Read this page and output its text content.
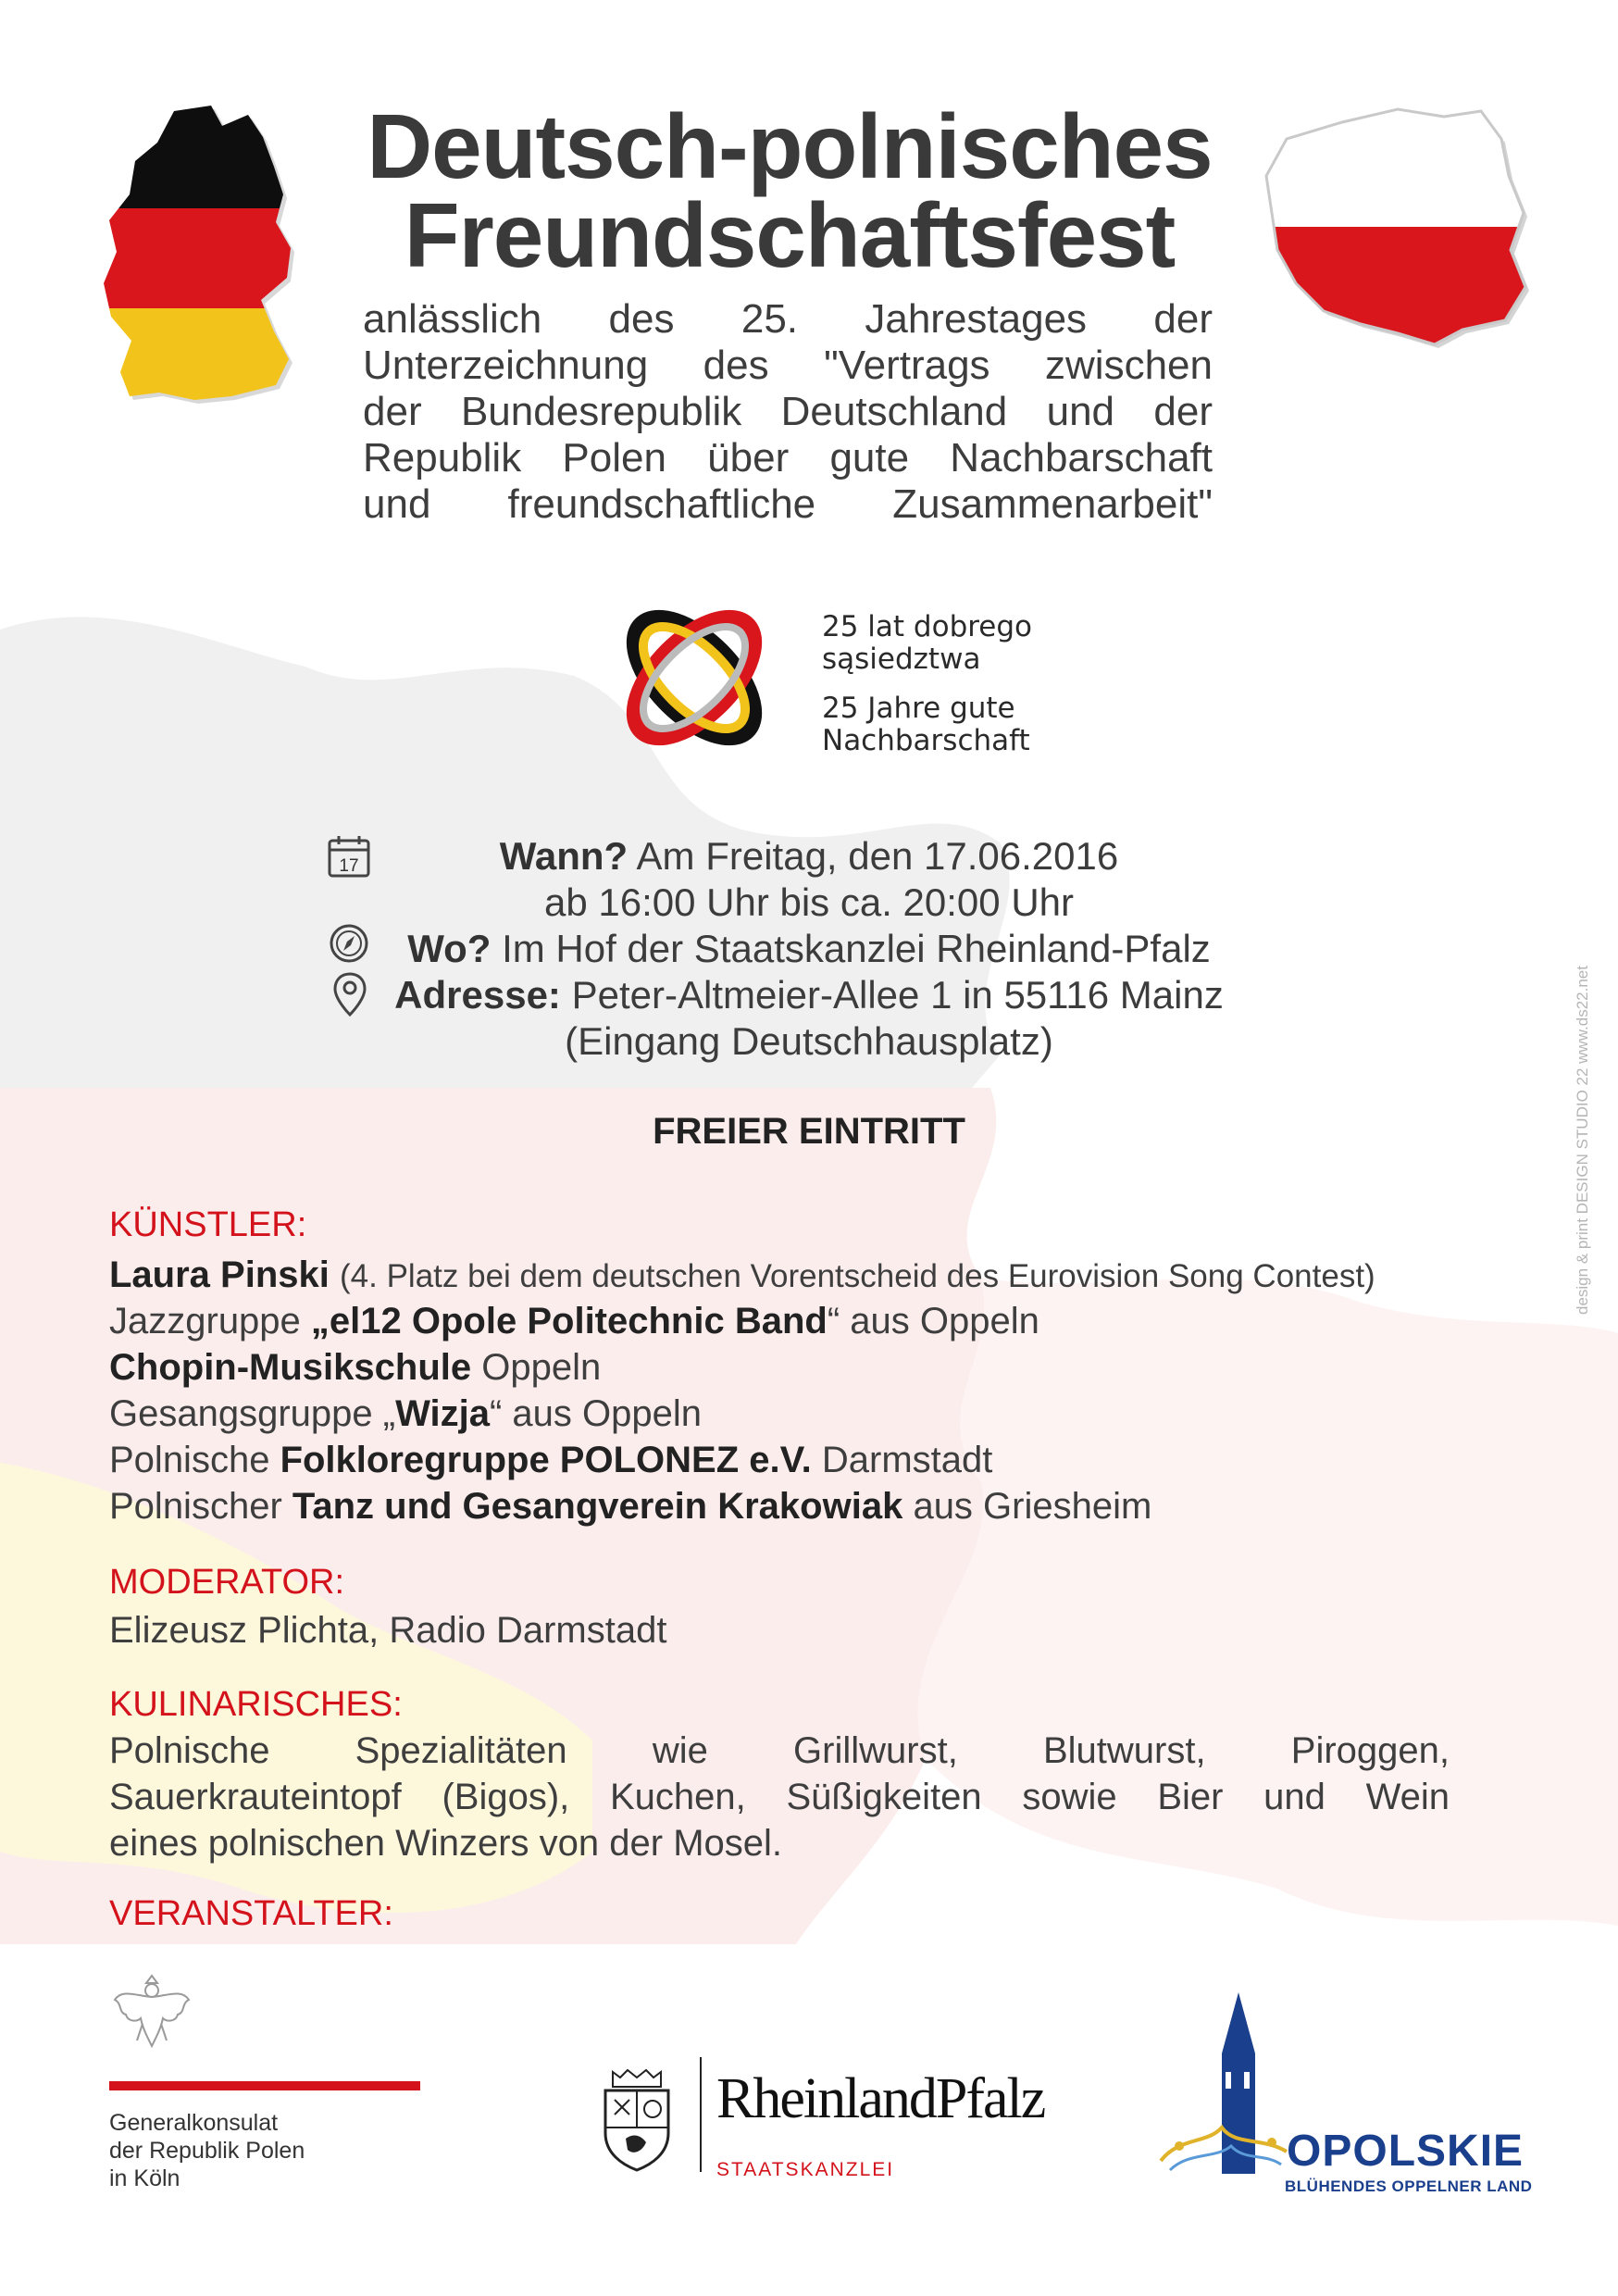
Deutsch-polnisches
Freundschaftsfest
anlässlich des 25. Jahrestages der
Unterzeichnung des "Vertrags zwischen
der Bundesrepublik Deutschland und der
Republik Polen über gute Nachbarschaft
und freundschaftliche Zusammenarbeit"
25 lat dobrego
sąsiedztwa
25 Jahre gute
Nachbarschaft
17	Wann? Am Freitag, den 17.06.2016
ab 16:00 Uhr bis ca. 20:00 Uhr
Wo? Im Hof der Staatskanzlei Rheinland-Pfalz
Adresse: Peter-Altmeier-Allee 1 in 55116 Mainz
(Eingang Deutschhausplatz)
FREIER EINTRITT
KÜNSTLER:
Laura Pinski (4. Platz bei dem deutschen Vorentscheid des Eurovision Song Contest)
Jazzgruppe „el12 Opole Politechnic Band“ aus Oppeln
Chopin-Musikschule Oppeln
Gesangsgruppe „Wizja“ aus Oppeln
Polnische Folkloregruppe POLONEZ e.V. Darmstadt
Polnischer Tanz und Gesangverein Krakowiak aus Griesheim
MODERATOR:
Elizeusz Plichta, Radio Darmstadt
KULINARISCHES:
Polnische Spezialitäten wie Grillwurst, Blutwurst, Piroggen,
Sauerkrauteintopf (Bigos), Kuchen, Süßigkeiten sowie Bier und Wein
eines polnischen Winzers von der Mosel.
VERANSTALTER:
Generalkonsulat
der Republik Polen
in Köln
RheinlandPfalz
STAATSKANZLEI	OPOLSKIE
BLÜHENDES OPPELNER LAND
design & print DESIGN STUDIO 22 www.ds22.net
